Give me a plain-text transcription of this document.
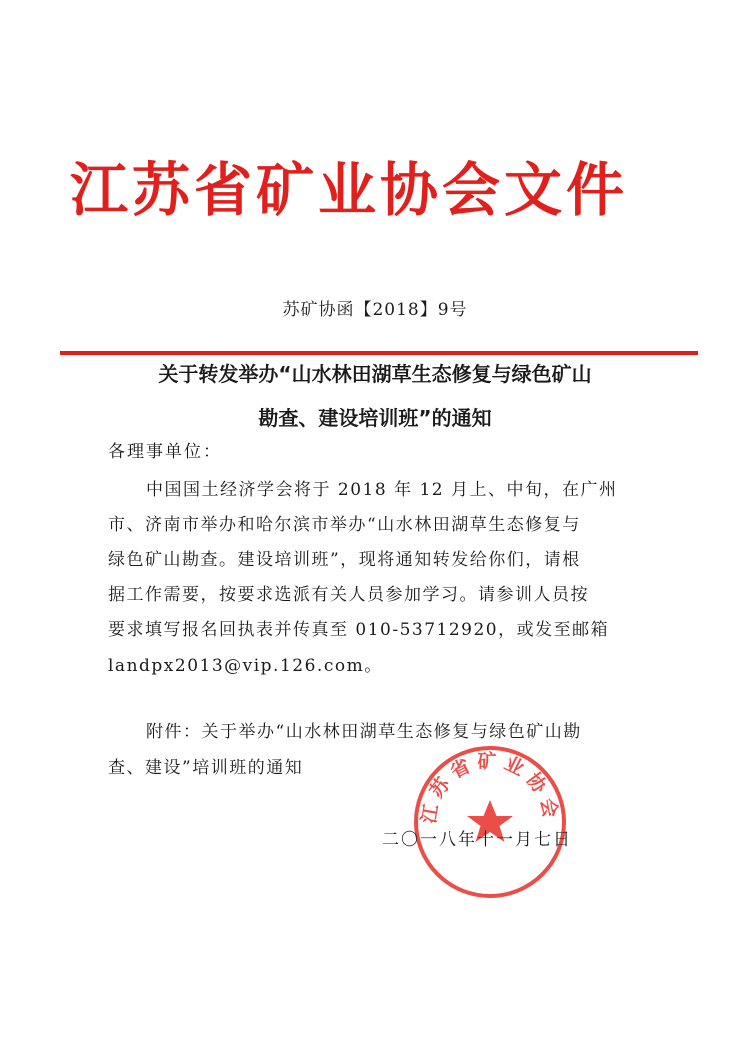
江苏省矿业协会文件
苏矿协函【2018】9号
关于转发举办“山水林田湖草生态修复与绿色矿山
勘查、建设培训班”的通知
各理事单位：
中国国土经济学会将于 2018 年 12 月上、中旬，在广州
市、济南市举办和哈尔滨市举办“山水林田湖草生态修复与
绿色矿山勘查。建设培训班”，现将通知转发给你们，请根
据工作需要，按要求选派有关人员参加学习。请参训人员按
要求填写报名回执表并传真至 010-53712920，或发至邮箱
landpx2013@vip.126.com。
附件：关于举办“山水林田湖草生态修复与绿色矿山勘
查、建设”培训班的通知
江苏省矿业协会
二〇一八年十一月七日
